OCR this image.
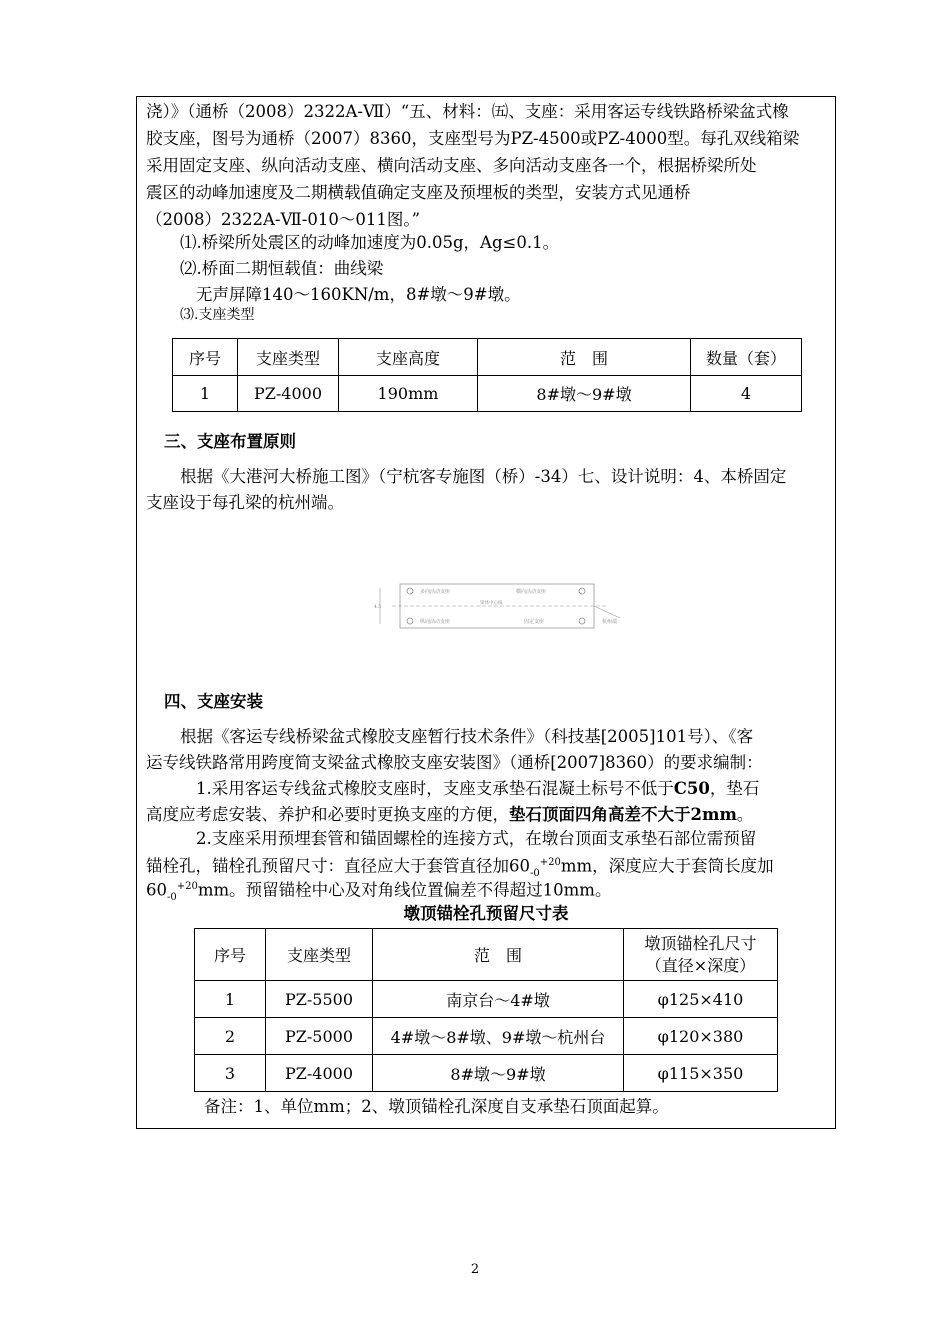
浇）》（通桥（2008）2322A-Ⅶ）“五、材料：㈤、支座：采用客运专线铁路桥梁盆式橡
胶支座，图号为通桥（2007）8360，支座型号为PZ-4500或PZ-4000型。每孔双线箱梁
采用固定支座、纵向活动支座、横向活动支座、多向活动支座各一个，根据桥梁所处
震区的动峰加速度及二期横载值确定支座及预埋板的类型，安装方式见通桥
（2008）2322A-Ⅶ-010～011图。”
⑴.桥梁所处震区的动峰加速度为0.05g，Ag≤0.1。
⑵.桥面二期恒载值：曲线梁
无声屏障140～160KN/m，8#墩～9#墩。
⑶.支座类型
序号	支座类型	支座高度	范　围	数量（套）
1	PZ-4000	190mm	8#墩～9#墩	4
三、支座布置原则
根据《大港河大桥施工图》（宁杭客专施图（桥）-34）七、设计说明：4、本桥固定
支座设于每孔梁的杭州端。
多向活动支座	横向活动支座
梁体中心线
纵向活动支座	固定支座	杭州端
4.5
四、支座安装
根据《客运专线桥梁盆式橡胶支座暂行技术条件》（科技基[2005]101号）、《客
运专线铁路常用跨度简支梁盆式橡胶支座安装图》（通桥[2007]8360）的要求编制：
1.采用客运专线盆式橡胶支座时，支座支承垫石混凝土标号不低于C50，垫石
高度应考虑安装、养护和必要时更换支座的方便，垫石顶面四角高差不大于2mm。
2.支座采用预埋套管和锚固螺栓的连接方式，在墩台顶面支承垫石部位需预留
锚栓孔，锚栓孔预留尺寸：直径应大于套管直径加$60_{-0}^{+20}mm$，深度应大于套筒长度加
$60_{-0}^{+20}mm$。预留锚栓中心及对角线位置偏差不得超过10mm。
墩顶锚栓孔预留尺寸表
序号	支座类型	范　围	墩顶锚栓孔尺寸
（直径×深度）

1	PZ-5500	南京台～4#墩	φ125×410
2	PZ-5000	4#墩～8#墩、9#墩～杭州台	φ120×380
3	PZ-4000	8#墩～9#墩	φ115×350
备注：1、单位mm；2、墩顶锚栓孔深度自支承垫石顶面起算。
2
